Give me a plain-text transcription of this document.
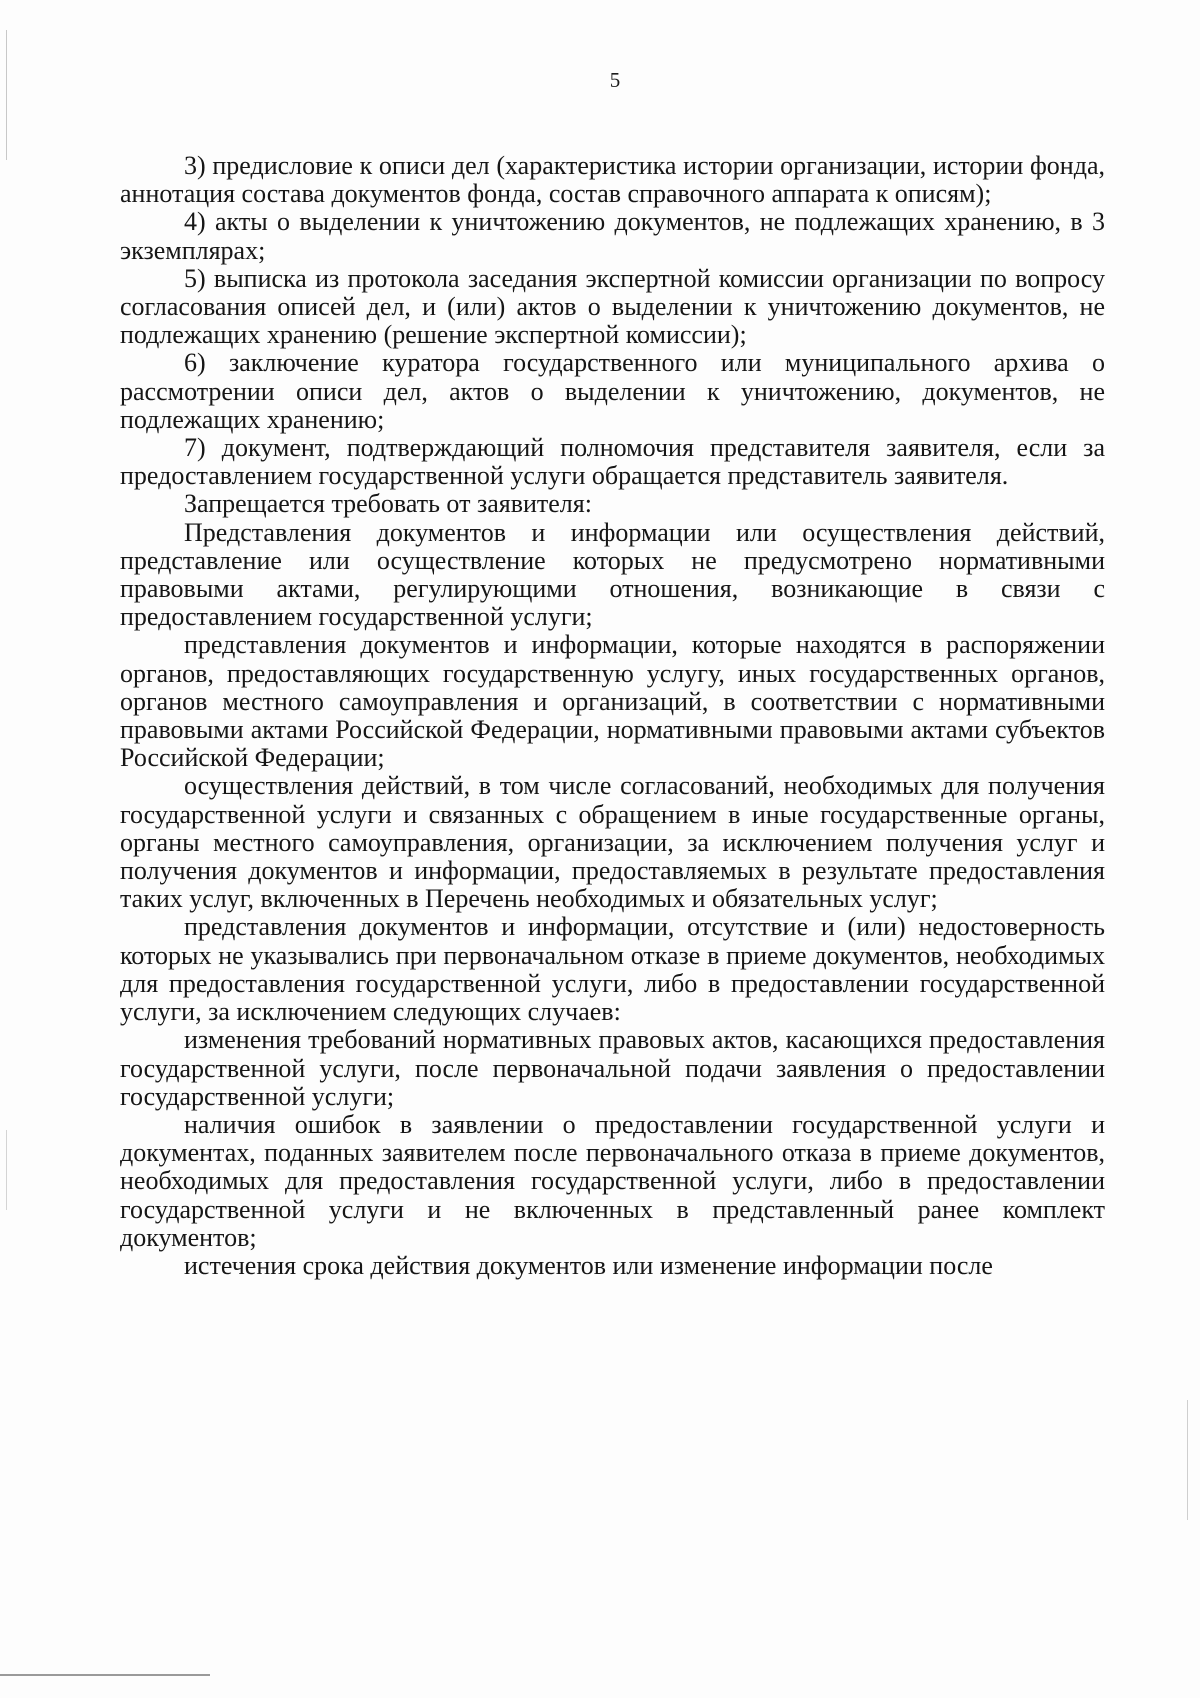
5

3) предисловие к описи дел (характеристика истории организации, истории фонда, аннотация состава документов фонда, состав справочного аппарата к описям);

4) акты о выделении к уничтожению документов, не подлежащих хранению, в 3 экземплярах;

5) выписка из протокола заседания экспертной комиссии организации по вопросу согласования описей дел, и (или) актов о выделении к уничтожению документов, не подлежащих хранению (решение экспертной комиссии);

6) заключение куратора государственного или муниципального архива о рассмотрении описи дел, актов о выделении к уничтожению, документов, не подлежащих хранению;

7) документ, подтверждающий полномочия представителя заявителя, если за предоставлением государственной услуги обращается представитель заявителя.

Запрещается требовать от заявителя:

Представления документов и информации или осуществления действий, представление или осуществление которых не предусмотрено нормативными правовыми актами, регулирующими отношения, возникающие в связи с предоставлением государственной услуги;

представления документов и информации, которые находятся в распоряжении органов, предоставляющих государственную услугу, иных государственных органов, органов местного самоуправления и организаций, в соответствии с нормативными правовыми актами Российской Федерации, нормативными правовыми актами субъектов Российской Федерации;

осуществления действий, в том числе согласований, необходимых для получения государственной услуги и связанных с обращением в иные государственные органы, органы местного самоуправления, организации, за исключением получения услуг и получения документов и информации, предоставляемых в результате предоставления таких услуг, включенных в Перечень необходимых и обязательных услуг;

представления документов и информации, отсутствие и (или) недостоверность которых не указывались при первоначальном отказе в приеме документов, необходимых для предоставления государственной услуги, либо в предоставлении государственной услуги, за исключением следующих случаев:

изменения требований нормативных правовых актов, касающихся предоставления государственной услуги, после первоначальной подачи заявления о предоставлении государственной услуги;

наличия ошибок в заявлении о предоставлении государственной услуги и документах, поданных заявителем после первоначального отказа в приеме документов, необходимых для предоставления государственной услуги, либо в предоставлении государственной услуги и не включенных в представленный ранее комплект документов;

истечения срока действия документов или изменение информации после
